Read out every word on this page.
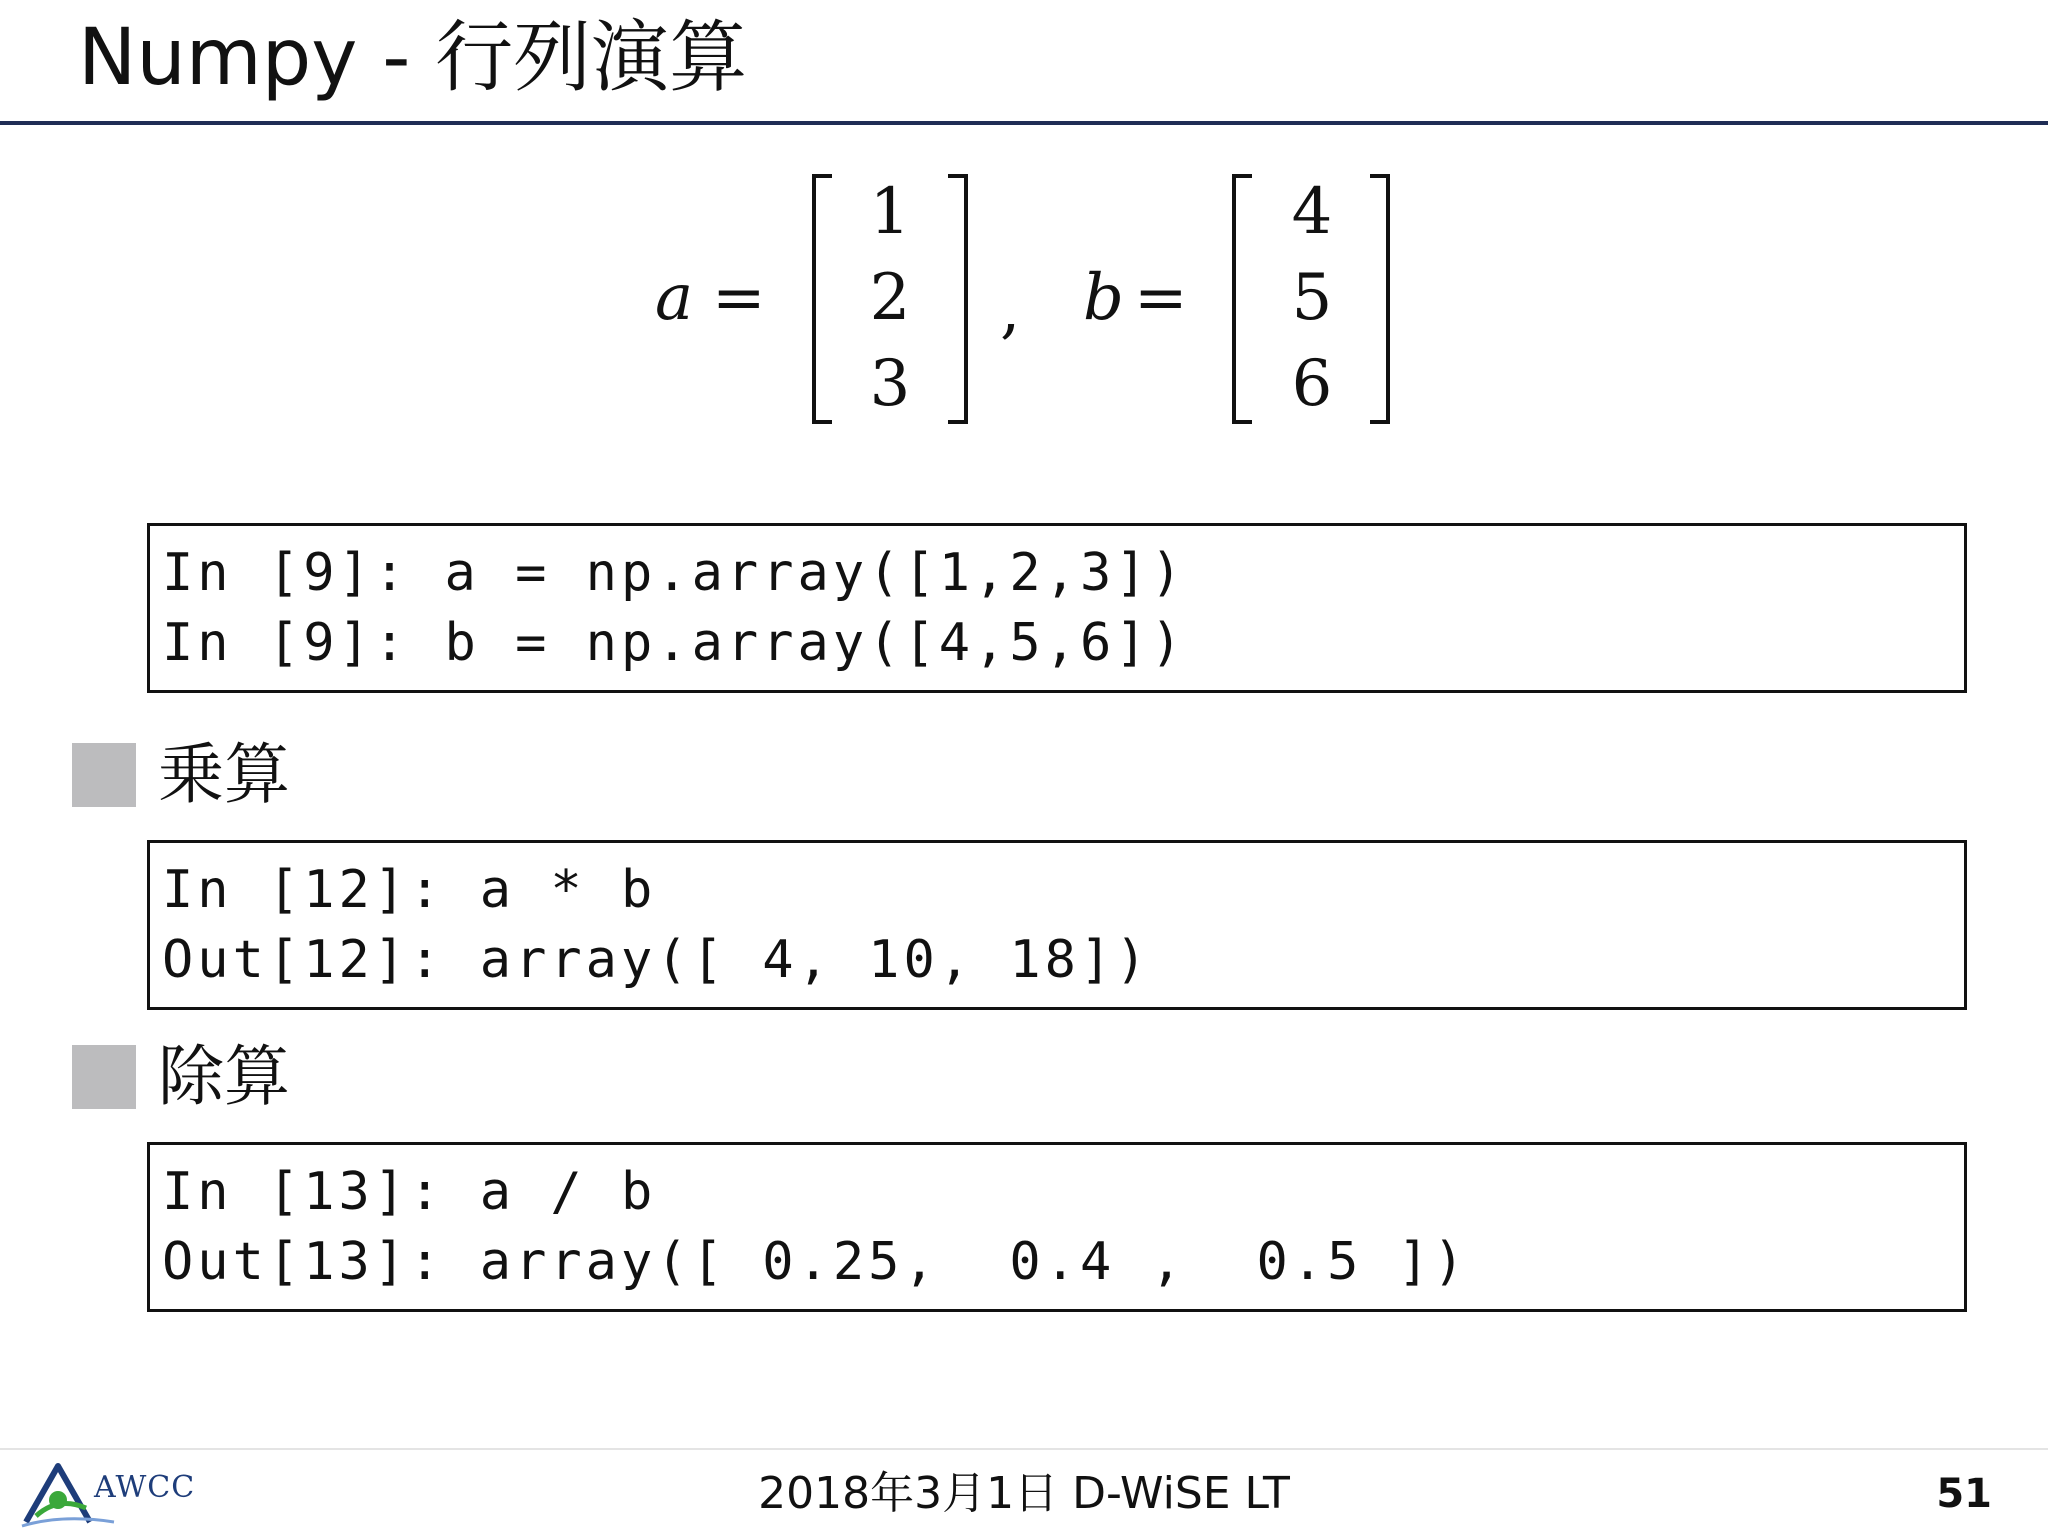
Numpy - 行列演算
a =
1
2
3
, b =
4
5
6
In [9]: a = np.array([1,2,3])
In [9]: b = np.array([4,5,6])
乗算
In [12]: a * b
Out[12]: array([ 4, 10, 18])
除算
In [13]: a / b
Out[13]: array([ 0.25,  0.4 ,  0.5 ])
AWCC	2018年3月1日 D-WiSE LT	51
